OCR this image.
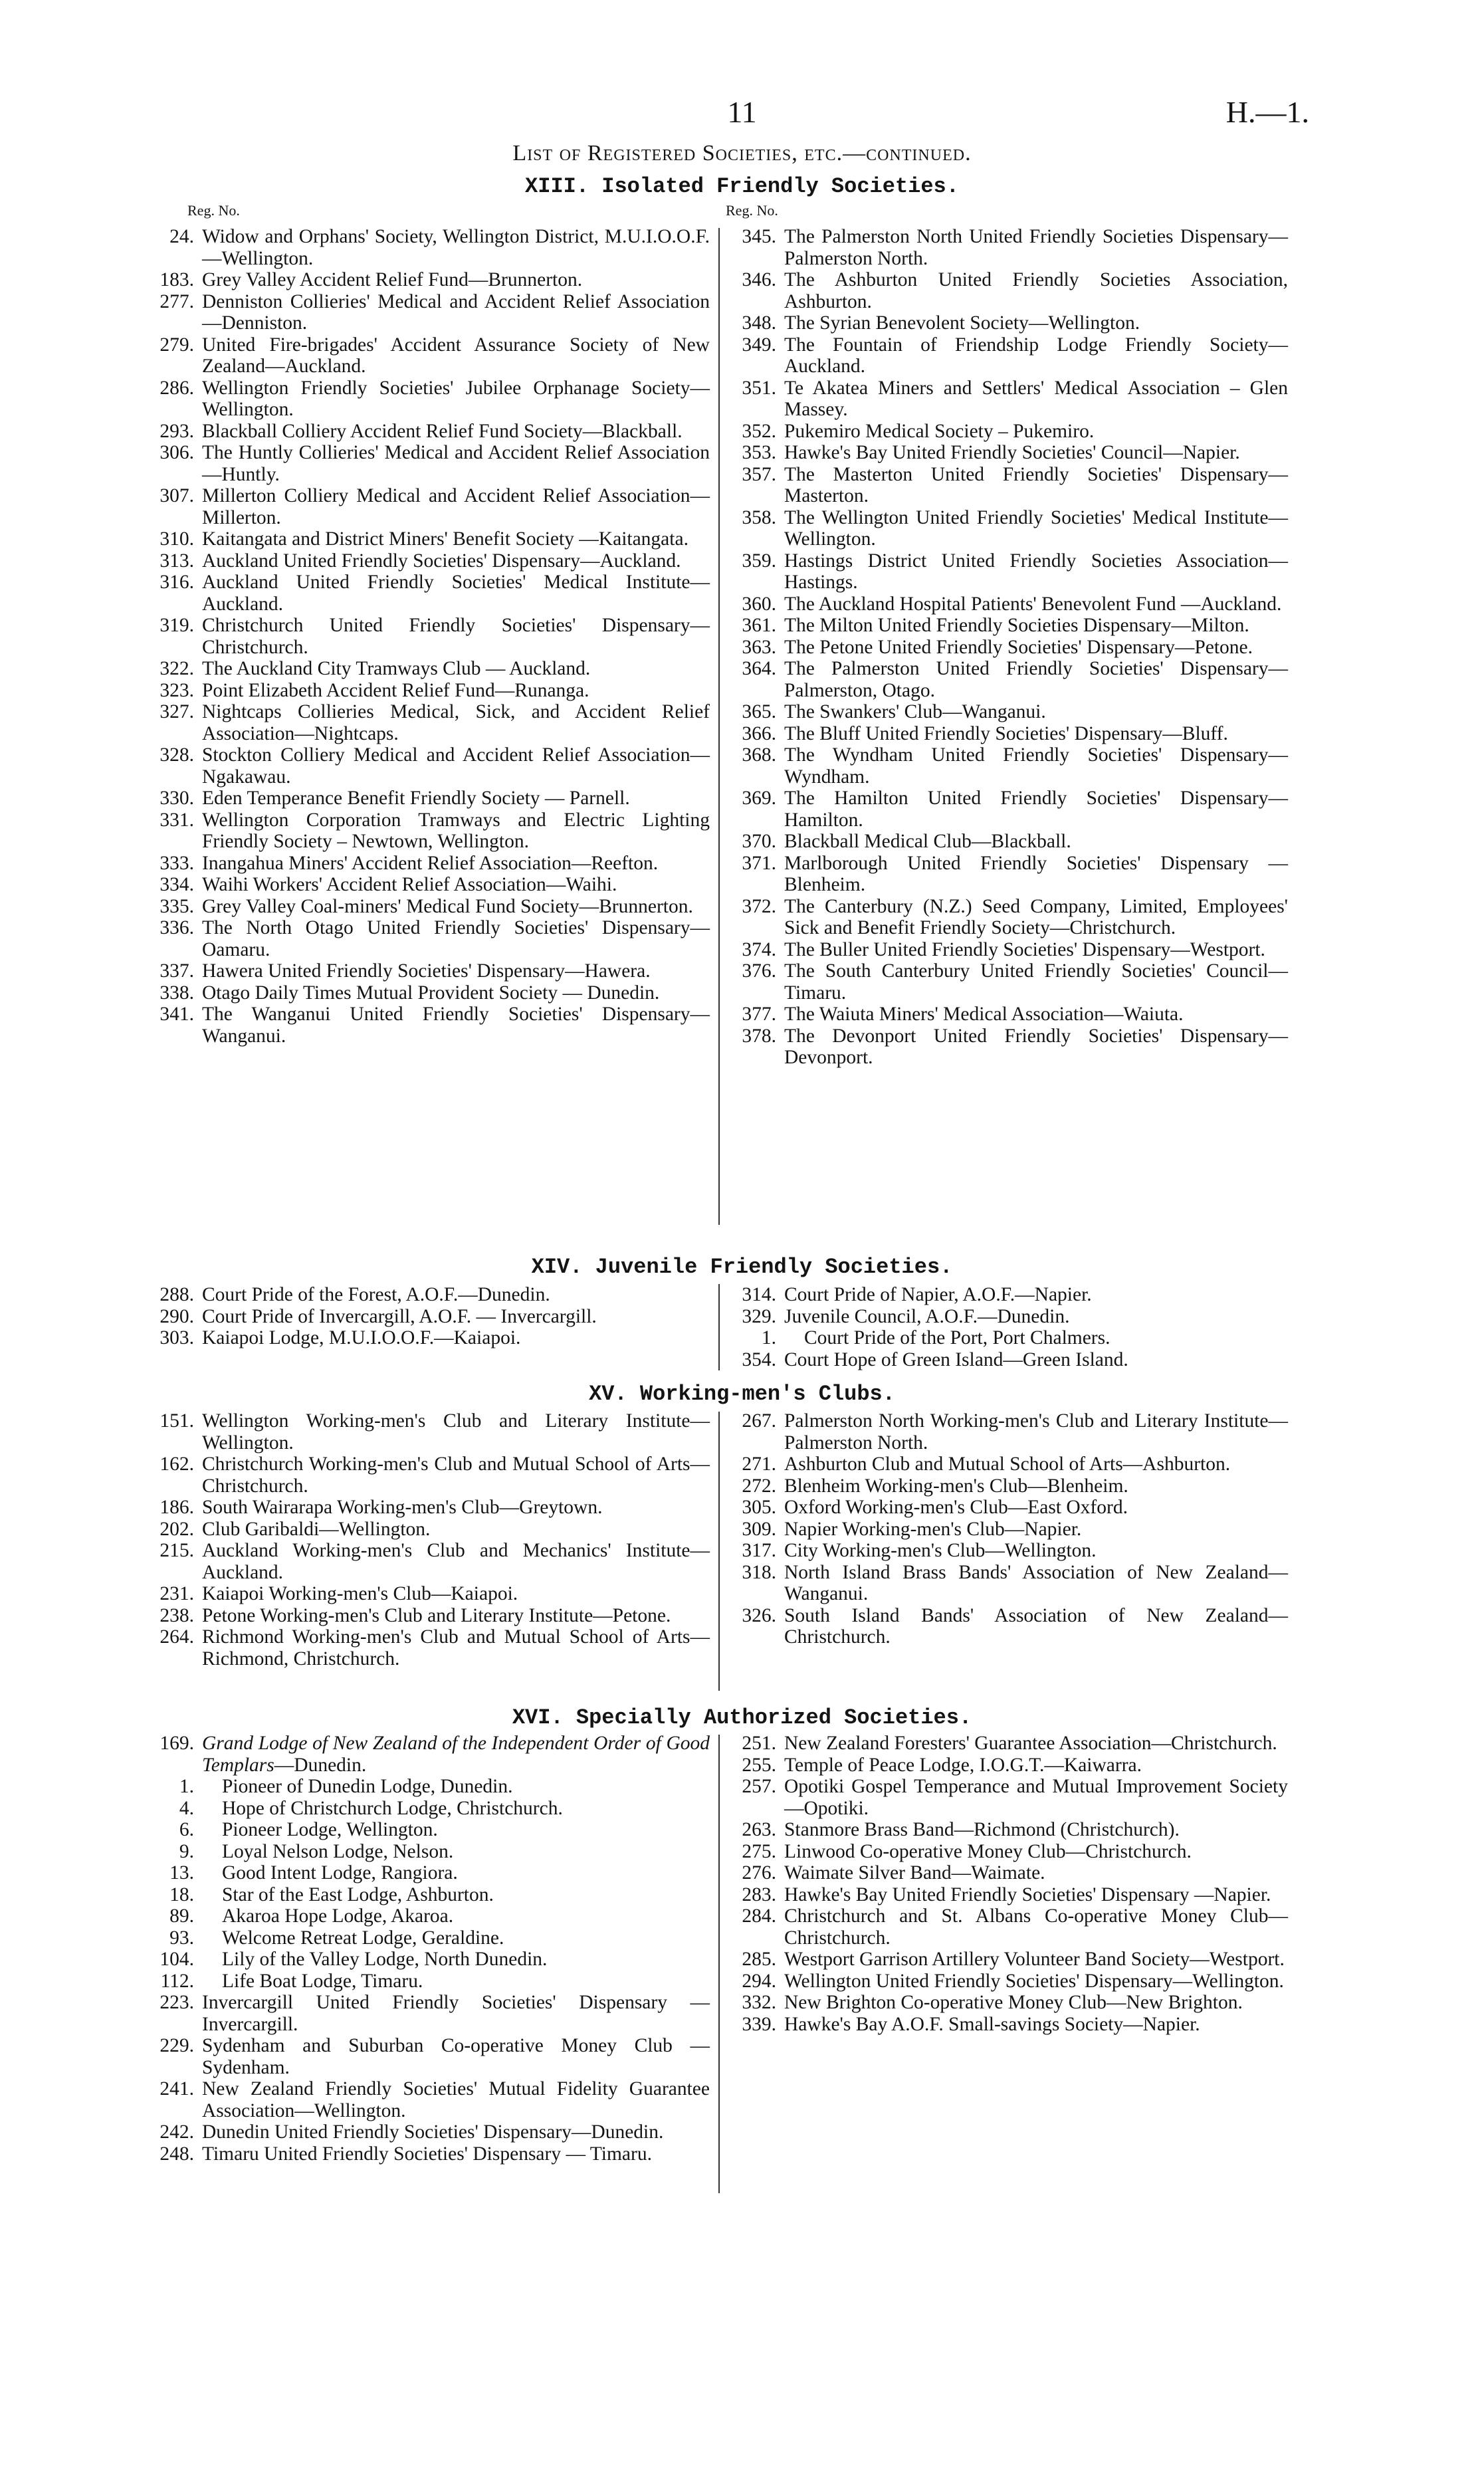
11	H.—1.
List of Registered Societies, etc.—continued.
XIII. Isolated Friendly Societies.
Reg. No.	Reg. No.
24. Widow and Orphans' Society, Wellington District, M.U.I.O.O.F.—Wellington.
183. Grey Valley Accident Relief Fund—Brunnerton.
277. Denniston Collieries' Medical and Accident Relief Association—Denniston.
279. United Fire-brigades' Accident Assurance Society of New Zealand—Auckland.
286. Wellington Friendly Societies' Jubilee Orphanage Society—Wellington.
293. Blackball Colliery Accident Relief Fund Society—Blackball.
306. The Huntly Collieries' Medical and Accident Relief Association—Huntly.
307. Millerton Colliery Medical and Accident Relief Association—Millerton.
310. Kaitangata and District Miners' Benefit Society —Kaitangata.
313. Auckland United Friendly Societies' Dispensary—Auckland.
316. Auckland United Friendly Societies' Medical Institute—Auckland.
319. Christchurch United Friendly Societies' Dispensary—Christchurch.
322. The Auckland City Tramways Club — Auckland.
323. Point Elizabeth Accident Relief Fund—Runanga.
327. Nightcaps Collieries Medical, Sick, and Accident Relief Association—Nightcaps.
328. Stockton Colliery Medical and Accident Relief Association—Ngakawau.
330. Eden Temperance Benefit Friendly Society — Parnell.
331. Wellington Corporation Tramways and Electric Lighting Friendly Society – Newtown, Wellington.
333. Inangahua Miners' Accident Relief Association—Reefton.
334. Waihi Workers' Accident Relief Association—Waihi.
335. Grey Valley Coal-miners' Medical Fund Society—Brunnerton.
336. The North Otago United Friendly Societies' Dispensary—Oamaru.
337. Hawera United Friendly Societies' Dispensary—Hawera.
338. Otago Daily Times Mutual Provident Society — Dunedin.
341. The Wanganui United Friendly Societies' Dispensary—Wanganui.
345. The Palmerston North United Friendly Societies Dispensary—Palmerston North.
346. The Ashburton United Friendly Societies Association, Ashburton.
348. The Syrian Benevolent Society—Wellington.
349. The Fountain of Friendship Lodge Friendly Society—Auckland.
351. Te Akatea Miners and Settlers' Medical Association – Glen Massey.
352. Pukemiro Medical Society – Pukemiro.
353. Hawke's Bay United Friendly Societies' Council—Napier.
357. The Masterton United Friendly Societies' Dispensary—Masterton.
358. The Wellington United Friendly Societies' Medical Institute—Wellington.
359. Hastings District United Friendly Societies Association—Hastings.
360. The Auckland Hospital Patients' Benevolent Fund —Auckland.
361. The Milton United Friendly Societies Dispensary—Milton.
363. The Petone United Friendly Societies' Dispensary—Petone.
364. The Palmerston United Friendly Societies' Dispensary—Palmerston, Otago.
365. The Swankers' Club—Wanganui.
366. The Bluff United Friendly Societies' Dispensary—Bluff.
368. The Wyndham United Friendly Societies' Dispensary—Wyndham.
369. The Hamilton United Friendly Societies' Dispensary—Hamilton.
370. Blackball Medical Club—Blackball.
371. Marlborough United Friendly Societies' Dispensary —Blenheim.
372. The Canterbury (N.Z.) Seed Company, Limited, Employees' Sick and Benefit Friendly Society—Christchurch.
374. The Buller United Friendly Societies' Dispensary—Westport.
376. The South Canterbury United Friendly Societies' Council—Timaru.
377. The Waiuta Miners' Medical Association—Waiuta.
378. The Devonport United Friendly Societies' Dispensary—Devonport.
XIV. Juvenile Friendly Societies.
288. Court Pride of the Forest, A.O.F.—Dunedin.
290. Court Pride of Invercargill, A.O.F. — Invercargill.
303. Kaiapoi Lodge, M.U.I.O.O.F.—Kaiapoi.
314. Court Pride of Napier, A.O.F.—Napier.
329. Juvenile Council, A.O.F.—Dunedin.
1. Court Pride of the Port, Port Chalmers.
354. Court Hope of Green Island—Green Island.
XV. Working-men's Clubs.
151. Wellington Working-men's Club and Literary Institute—Wellington.
162. Christchurch Working-men's Club and Mutual School of Arts—Christchurch.
186. South Wairarapa Working-men's Club—Greytown.
202. Club Garibaldi—Wellington.
215. Auckland Working-men's Club and Mechanics' Institute—Auckland.
231. Kaiapoi Working-men's Club—Kaiapoi.
238. Petone Working-men's Club and Literary Institute—Petone.
264. Richmond Working-men's Club and Mutual School of Arts—Richmond, Christchurch.
267. Palmerston North Working-men's Club and Literary Institute—Palmerston North.
271. Ashburton Club and Mutual School of Arts—Ashburton.
272. Blenheim Working-men's Club—Blenheim.
305. Oxford Working-men's Club—East Oxford.
309. Napier Working-men's Club—Napier.
317. City Working-men's Club—Wellington.
318. North Island Brass Bands' Association of New Zealand—Wanganui.
326. South Island Bands' Association of New Zealand—Christchurch.
XVI. Specially Authorized Societies.
169. Grand Lodge of New Zealand of the Independent Order of Good Templars—Dunedin.
1. Pioneer of Dunedin Lodge, Dunedin.
4. Hope of Christchurch Lodge, Christchurch.
6. Pioneer Lodge, Wellington.
9. Loyal Nelson Lodge, Nelson.
13. Good Intent Lodge, Rangiora.
18. Star of the East Lodge, Ashburton.
89. Akaroa Hope Lodge, Akaroa.
93. Welcome Retreat Lodge, Geraldine.
104. Lily of the Valley Lodge, North Dunedin.
112. Life Boat Lodge, Timaru.
223. Invercargill United Friendly Societies' Dispensary —Invercargill.
229. Sydenham and Suburban Co-operative Money Club —Sydenham.
241. New Zealand Friendly Societies' Mutual Fidelity Guarantee Association—Wellington.
242. Dunedin United Friendly Societies' Dispensary—Dunedin.
248. Timaru United Friendly Societies' Dispensary — Timaru.
251. New Zealand Foresters' Guarantee Association—Christchurch.
255. Temple of Peace Lodge, I.O.G.T.—Kaiwarra.
257. Opotiki Gospel Temperance and Mutual Improvement Society—Opotiki.
263. Stanmore Brass Band—Richmond (Christchurch).
275. Linwood Co-operative Money Club—Christchurch.
276. Waimate Silver Band—Waimate.
283. Hawke's Bay United Friendly Societies' Dispensary —Napier.
284. Christchurch and St. Albans Co-operative Money Club—Christchurch.
285. Westport Garrison Artillery Volunteer Band Society—Westport.
294. Wellington United Friendly Societies' Dispensary—Wellington.
332. New Brighton Co-operative Money Club—New Brighton.
339. Hawke's Bay A.O.F. Small-savings Society—Napier.
